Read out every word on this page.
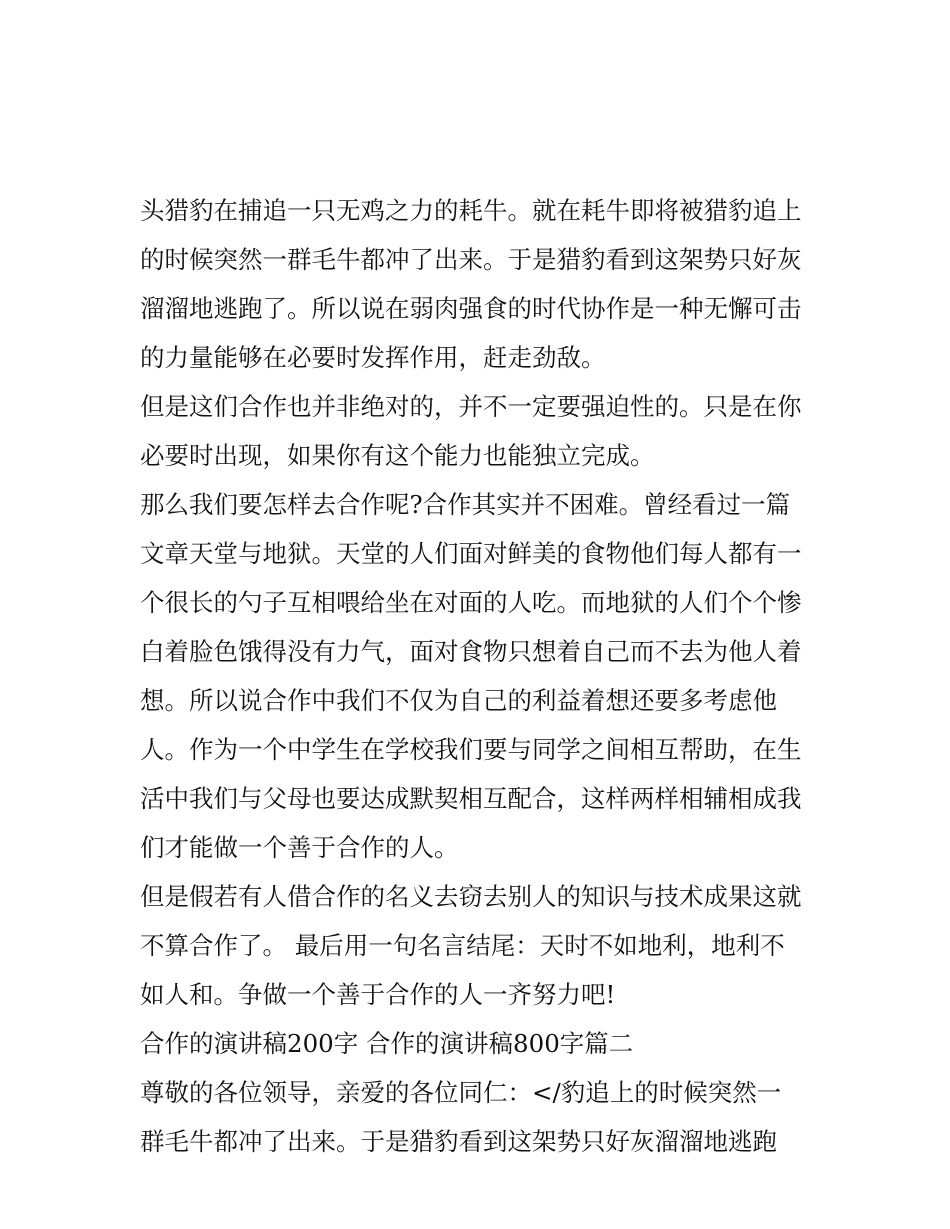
头猎豹在捕追一只无鸡之力的耗牛。就在耗牛即将被猎豹追上
的时候突然一群毛牛都冲了出来。于是猎豹看到这架势只好灰
溜溜地逃跑了。所以说在弱肉强食的时代协作是一种无懈可击
的力量能够在必要时发挥作用，赶走劲敌。
但是这们合作也并非绝对的，并不一定要强迫性的。只是在你
必要时出现，如果你有这个能力也能独立完成。
那么我们要怎样去合作呢?合作其实并不困难。曾经看过一篇
文章天堂与地狱。天堂的人们面对鲜美的食物他们每人都有一
个很长的勺子互相喂给坐在对面的人吃。而地狱的人们个个惨
白着脸色饿得没有力气，面对食物只想着自己而不去为他人着
想。所以说合作中我们不仅为自己的利益着想还要多考虑他
人。作为一个中学生在学校我们要与同学之间相互帮助，在生
活中我们与父母也要达成默契相互配合，这样两样相辅相成我
们才能做一个善于合作的人。
但是假若有人借合作的名义去窃去别人的知识与技术成果这就
不算合作了。 最后用一句名言结尾：天时不如地利，地利不
如人和。争做一个善于合作的人一齐努力吧!
合作的演讲稿200字 合作的演讲稿800字篇二
尊敬的各位领导，亲爱的各位同仁：</豹追上的时候突然一
群毛牛都冲了出来。于是猎豹看到这架势只好灰溜溜地逃跑
